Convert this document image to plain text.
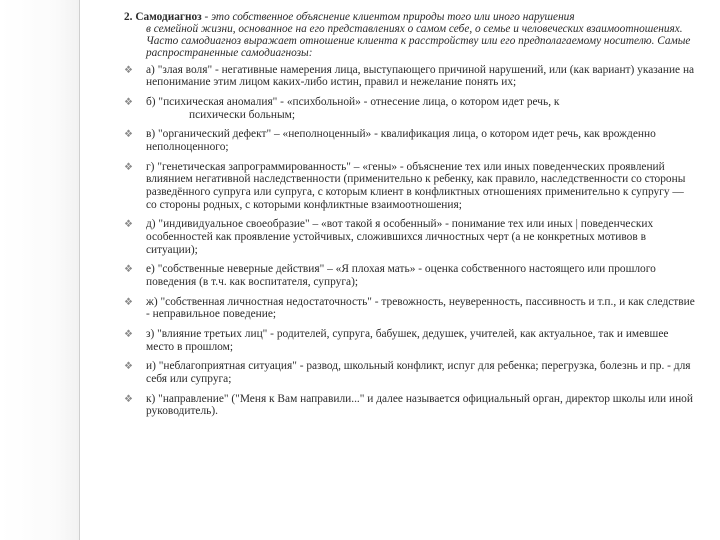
2. Самодиагноз - это собственное объяснение клиентом природы того или иного нарушения
в семейной жизни, основанное на его представлениях о самом себе, о семье и человеческих взаимоотношениях. Часто самодиагноз выражает отношение клиента к расстройству или его предполагаемому носителю. Самые распространенные самодиагнозы:

❖ а) "злая воля" - негативные намерения лица, выступающего причиной нарушений, или (как вариант) указание на непонимание этим лицом каких-либо истин, правил и нежелание понять их;
❖ б) "психическая аномалия" - «психбольной» - отнесение лица, о котором идет речь, к
психически больным;
❖ в) "органический дефект" – «неполноценный» - квалификация лица, о котором идет речь, как врожденно неполноценного;
❖ г) "генетическая запрограммированность" – «гены» - объяснение тех или иных поведенческих проявлений влиянием негативной наследственности (применительно к ребенку, как правило, наследственности со стороны разведённого супруга или супруга, с которым клиент в конфликтных отношениях применительно к супругу — со стороны родных, с которыми конфликтные взаимоотношения;
❖ д) "индивидуальное своеобразие" – «вот такой я особенный» - понимание тех или иных | поведенческих особенностей как проявление устойчивых, сложившихся личностных черт (а не конкретных мотивов в ситуации);
❖ е) "собственные неверные действия" – «Я плохая мать» - оценка собственного настоящего или прошлого поведения (в т.ч. как воспитателя, супруга);
❖ ж) "собственная личностная недостаточность" - тревожность, неуверенность, пассивность и т.п., и как следствие - неправильное поведение;
❖ з) "влияние третьих лиц" - родителей, супруга, бабушек, дедушек, учителей, как актуальное, так и имевшее место в прошлом;
❖ и) "неблагоприятная ситуация" - развод, школьный конфликт, испуг для ребенка; перегрузка, болезнь и пр. - для себя или супруга;
❖ к) "направление" ("Меня к Вам направили..." и далее называется официальный орган, директор школы или иной руководитель).
